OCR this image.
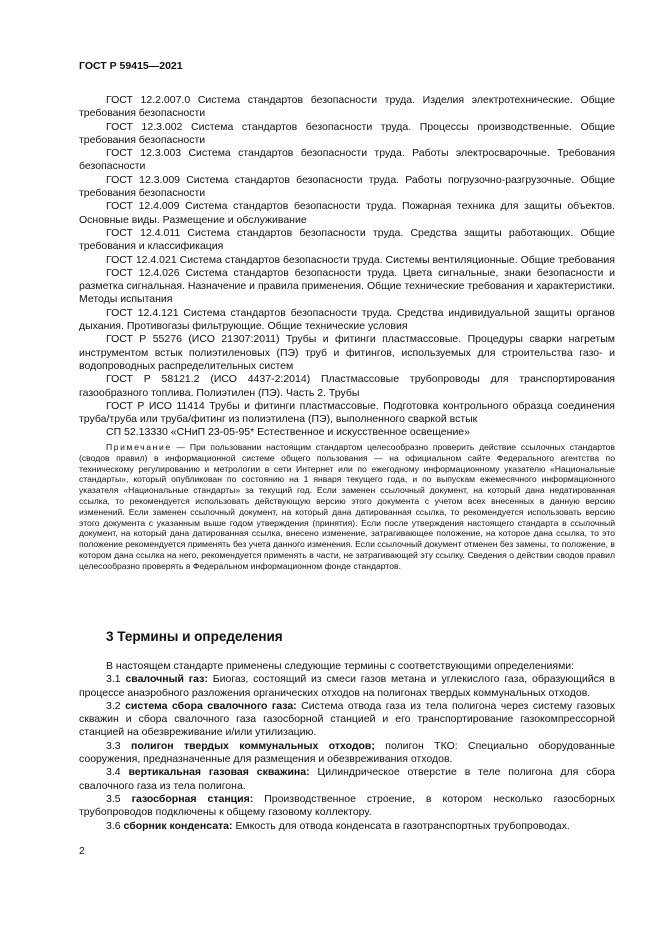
ГОСТ Р 59415—2021

ГОСТ 12.2.007.0 Система стандартов безопасности труда. Изделия электротехнические. Общие требования безопасности

ГОСТ 12.3.002 Система стандартов безопасности труда. Процессы производственные. Общие требования безопасности

ГОСТ 12.3.003 Система стандартов безопасности труда. Работы электросварочные. Требования безопасности

ГОСТ 12.3.009 Система стандартов безопасности труда. Работы погрузочно-разгрузочные. Общие требования безопасности

ГОСТ 12.4.009 Система стандартов безопасности труда. Пожарная техника для защиты объектов. Основные виды. Размещение и обслуживание

ГОСТ 12.4.011 Система стандартов безопасности труда. Средства защиты работающих. Общие требования и классификация

ГОСТ 12.4.021 Система стандартов безопасности труда. Системы вентиляционные. Общие требования

ГОСТ 12.4.026 Система стандартов безопасности труда. Цвета сигнальные, знаки безопасности и разметка сигнальная. Назначение и правила применения. Общие технические требования и характеристики. Методы испытания

ГОСТ 12.4.121 Система стандартов безопасности труда. Средства индивидуальной защиты органов дыхания. Противогазы фильтрующие. Общие технические условия

ГОСТ Р 55276 (ИСО 21307:2011) Трубы и фитинги пластмассовые. Процедуры сварки нагретым инструментом встык полиэтиленовых (ПЭ) труб и фитингов, используемых для строительства газо- и водопроводных распределительных систем

ГОСТ Р 58121.2 (ИСО 4437-2:2014) Пластмассовые трубопроводы для транспортирования газообразного топлива. Полиэтилен (ПЭ). Часть 2. Трубы

ГОСТ Р ИСО 11414 Трубы и фитинги пластмассовые. Подготовка контрольного образца соединения труба/труба или труба/фитинг из полиэтилена (ПЭ), выполненного сваркой встык

СП 52.13330 «СНиП 23-05-95* Естественное и искусственное освещение»

Примечание — При пользовании настоящим стандартом целесообразно проверить действие ссылочных стандартов (сводов правил) в информационной системе общего пользования — на официальном сайте Федерального агентства по техническому регулированию и метрологии в сети Интернет или по ежегодному информационному указателю «Национальные стандарты», который опубликован по состоянию на 1 января текущего года, и по выпускам ежемесячного информационного указателя «Национальные стандарты» за текущий год. Если заменен ссылочный документ, на который дана недатированная ссылка, то рекомендуется использовать действующую версию этого документа с учетом всех внесенных в данную версию изменений. Если заменен ссылочный документ, на который дана датированная ссылка, то рекомендуется использовать версию этого документа с указанным выше годом утверждения (принятия). Если после утверждения настоящего стандарта в ссылочный документ, на который дана датированная ссылка, внесено изменение, затрагивающее положение, на которое дана ссылка, то это положение рекомендуется применять без учета данного изменения. Если ссылочный документ отменен без замены, то положение, в котором дана ссылка на него, рекомендуется применять в части, не затрагивающей эту ссылку. Сведения о действии сводов правил целесообразно проверять в Федеральном информационном фонде стандартов.

3 Термины и определения

В настоящем стандарте применены следующие термины с соответствующими определениями:

3.1 свалочный газ: Биогаз, состоящий из смеси газов метана и углекислого газа, образующийся в процессе анаэробного разложения органических отходов на полигонах твердых коммунальных отходов.

3.2 система сбора свалочного газа: Система отвода газа из тела полигона через систему газовых скважин и сбора свалочного газа газосборной станцией и его транспортирование газокомпрессорной станцией на обезвреживание и/или утилизацию.

3.3 полигон твердых коммунальных отходов; полигон ТКО: Специально оборудованные сооружения, предназначенные для размещения и обезвреживания отходов.

3.4 вертикальная газовая скважина: Цилиндрическое отверстие в теле полигона для сбора свалочного газа из тела полигона.

3.5 газосборная станция: Производственное строение, в котором несколько газосборных трубопроводов подключены к общему газовому коллектору.

3.6 сборник конденсата: Емкость для отвода конденсата в газотранспортных трубопроводах.

2
